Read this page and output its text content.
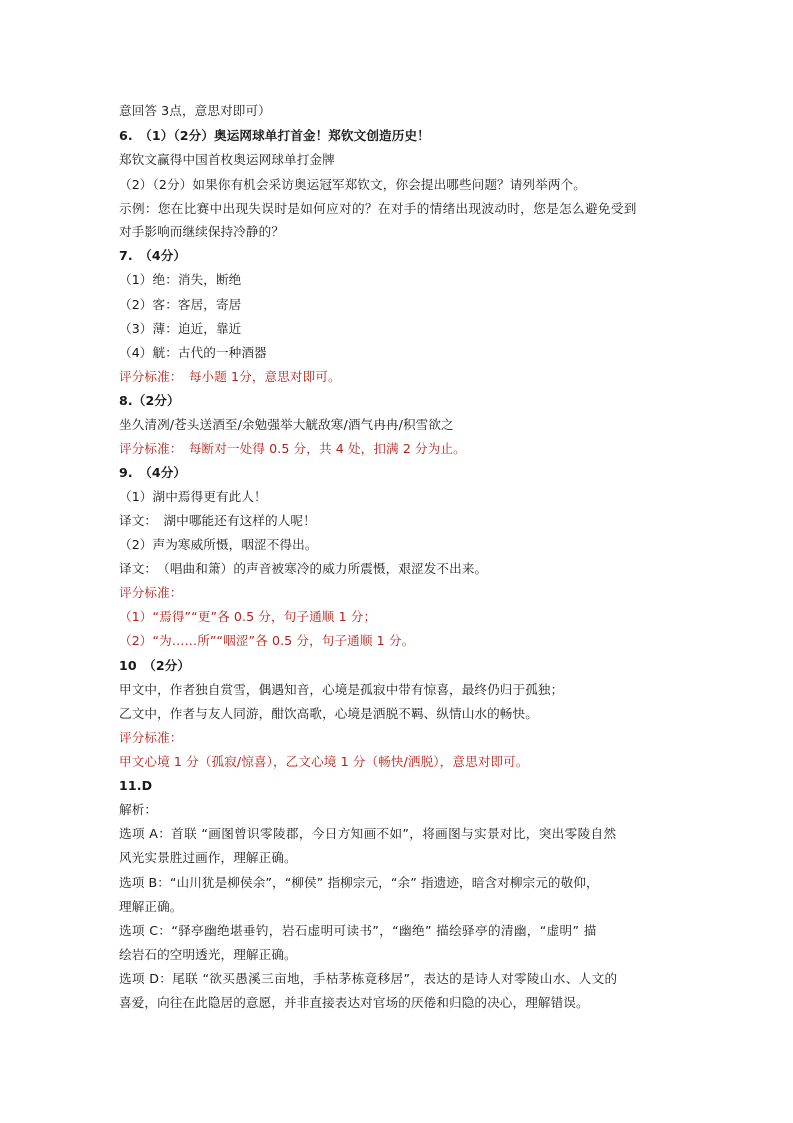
意回答 3点，意思对即可）
6.　（1）（2分）奥运网球单打首金！郑钦文创造历史！
郑钦文赢得中国首枚奥运网球单打金牌
（2）（2分）如果你有机会采访奥运冠军郑钦文，你会提出哪些问题？请列举两个。
示例：您在比赛中出现失误时是如何应对的？在对手的情绪出现波动时，您是怎么避免受到
对手影响而继续保持冷静的？
7.　（4分）
（1）绝：消失，断绝
（2）客：客居，寄居
（3）薄：迫近，靠近
（4）觥：古代的一种酒器
评分标准：　每小题 1分，意思对即可。
8.（2分）
坐久清冽/苍头送酒至/余勉强举大觥敌寒/酒气冉冉/积雪欲之
评分标准：　每断对一处得 0.5 分，共 4 处，扣满 2 分为止。
9.　（4分）
（1）湖中焉得更有此人！
译文：　湖中哪能还有这样的人呢！
（2）声为寒威所慑，咽涩不得出。
译文：　（唱曲和箫）的声音被寒冷的威力所震慑，艰涩发不出来。
评分标准：
（1）“焉得”“更”各 0.5 分，句子通顺 1 分；
（2）“为……所”“咽涩”各 0.5 分，句子通顺 1 分。
10　（2分）
甲文中，作者独自赏雪，偶遇知音，心境是孤寂中带有惊喜，最终仍归于孤独；
乙文中，作者与友人同游，酣饮高歌，心境是洒脱不羁、纵情山水的畅快。
评分标准：
甲文心境 1 分（孤寂/惊喜），乙文心境 1 分（畅快/洒脱），意思对即可。
11.D
解析：
选项 A：首联 “画图曾识零陵郡，今日方知画不如”，将画图与实景对比，突出零陵自然
风光实景胜过画作，理解正确。
选项 B：“山川犹是柳侯余”，“柳侯” 指柳宗元，“余” 指遗迹，暗含对柳宗元的敬仰，
理解正确。
选项 C：“驿亭幽绝堪垂钓，岩石虚明可读书”，“幽绝” 描绘驿亭的清幽，“虚明” 描
绘岩石的空明透光，理解正确。
选项 D：尾联 “欲买愚溪三亩地，手枯茅栋竟移居”，表达的是诗人对零陵山水、人文的
喜爱，向往在此隐居的意愿，并非直接表达对官场的厌倦和归隐的决心，理解错误。
